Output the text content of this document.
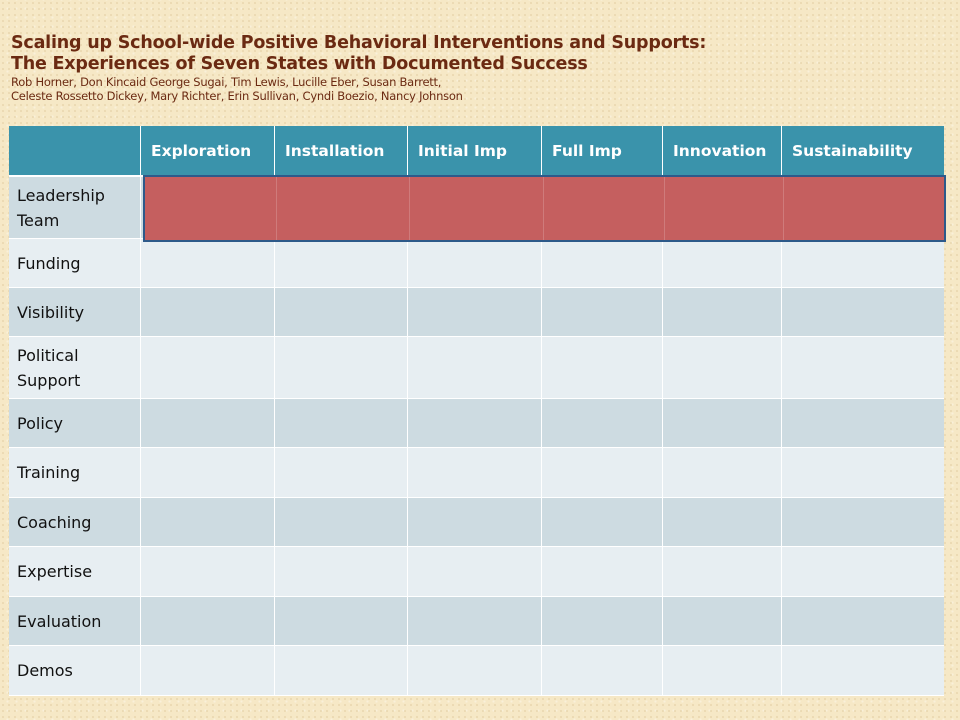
Scaling up School-wide Positive Behavioral Interventions and Supports:
The Experiences of Seven States with Documented Success
Rob Horner, Don Kincaid George Sugai, Tim Lewis, Lucille Eber, Susan Barrett,
Celeste Rossetto Dickey, Mary Richter, Erin Sullivan, Cyndi Boezio, Nancy Johnson
	Exploration	Installation	Initial Imp	Full Imp	Innovation	Sustainability
Leadership Team						
Funding						
Visibility						
Political Support						
Policy						
Training						
Coaching						
Expertise						
Evaluation						
Demos						
